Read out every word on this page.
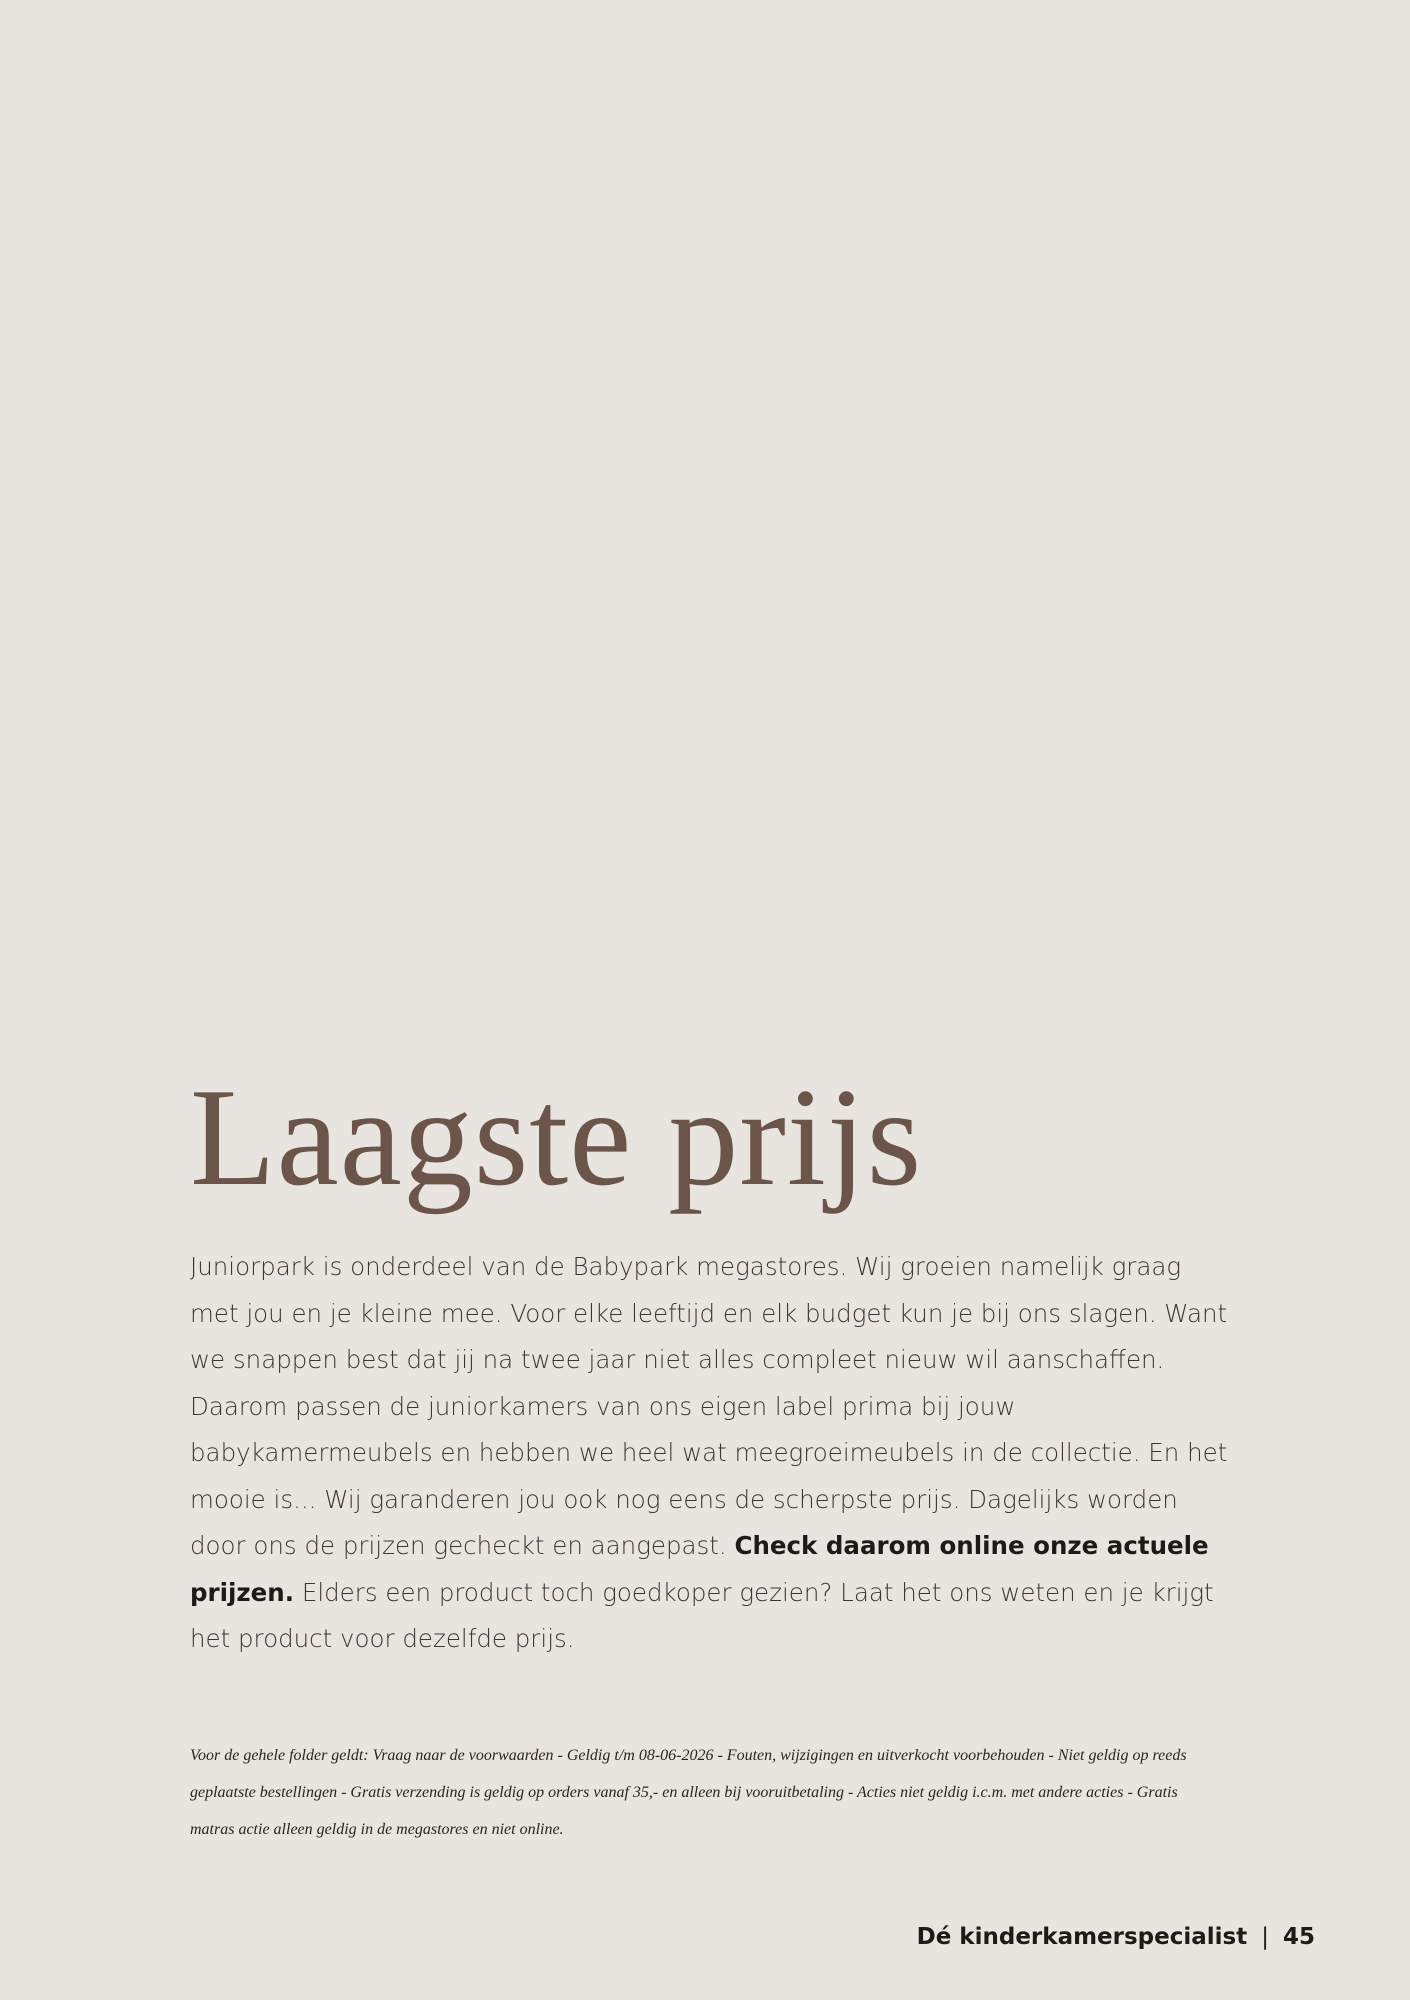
Laagste prijs

Juniorpark is onderdeel van de Babypark megastores. Wij groeien namelijk graag met jou en je kleine mee. Voor elke leeftijd en elk budget kun je bij ons slagen. Want we snappen best dat jij na twee jaar niet alles compleet nieuw wil aanschaffen. Daarom passen de juniorkamers van ons eigen label prima bij jouw babykamermeubels en hebben we heel wat meegroeimeubels in de collectie. En het mooie is... Wij garanderen jou ook nog eens de scherpste prijs. Dagelijks worden door ons de prijzen gecheckt en aangepast. Check daarom online onze actuele prijzen. Elders een product toch goedkoper gezien? Laat het ons weten en je krijgt het product voor dezelfde prijs.

Voor de gehele folder geldt: Vraag naar de voorwaarden - Geldig t/m 08-06-2026 - Fouten, wijzigingen en uitverkocht voorbehouden - Niet geldig op reeds geplaatste bestellingen - Gratis verzending is geldig op orders vanaf 35,- en alleen bij vooruitbetaling - Acties niet geldig i.c.m. met andere acties - Gratis matras actie alleen geldig in de megastores en niet online.
Dé kinderkamerspecialist | 45
